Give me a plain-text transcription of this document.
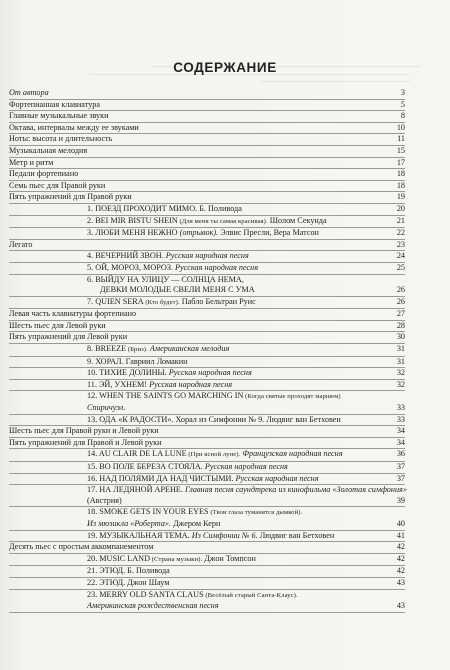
СОДЕРЖАНИЕ
От автора	3
Фортепианная клавиатура	5
Главные музыкальные звуки	8
Октава, интервалы между ее звуками	10
Ноты: высота и длительность	11
Музыкальная мелодия	15
Метр и ритм	17
Педали фортепиано	18
Семь пьес для Правой руки	18
Пять упражнений для Правой руки	19
1. ПОЕЗД ПРОХОДИТ МИМО. Б. Поливода	20
2. BEI MIR BISTU SHEIN (Для меня ты самая красивая). Шолом Секунда	21
3. ЛЮБИ МЕНЯ НЕЖНО (отрывок). Элвис Пресли, Вера Матсон	22
Легато	23
4. ВЕЧЕРНИЙ ЗВОН. Русская народная песня	24
5. ОЙ, МОРОЗ, МОРОЗ. Русская народная песня	25
6. ВЫЙДУ НА УЛИЦУ — СОЛНЦА НЕМА,
ДЕВКИ МОЛОДЫЕ СВЕЛИ МЕНЯ С УМА	26
7. QUIEN SERA (Кто будет). Пабло Бельтран Руис	26
Левая часть клавиатуры фортепиано	27
Шесть пьес для Левой руки	28
Пять упражнений для Левой руки	30
8. BREEZE (Бриз). Американская мелодия	31
9. ХОРАЛ. Гавриил Ломакин	31
10. ТИХИЕ ДОЛИНЫ. Русская народная песня	32
11. ЭЙ, УХНЕМ! Русская народная песня	32
12. WHEN THE SAINTS GO MARCHING IN (Когда святые проходят маршем)
Спиричуэл.	33
13. ОДА «К РАДОСТИ». Хорал из Симфонии № 9. Людвиг ван Бетховен	33
Шесть пьес для Правой руки и Левой руки	34
Пять упражнений для Правой и Левой руки	34
14. AU CLAIR DE LA LUNE (При ясной луне). Французская народная песня	36
15. ВО ПОЛЕ БЕРЕЗА СТОЯЛА. Русская народная песня	37
16. НАД ПОЛЯМИ ДА НАД ЧИСТЫМИ. Русская народная песня	37
17. НА ЛЕДЯНОЙ АРЕНЕ. Главная песня саундтрека из кинофильма «Золотая симфония»
(Австрия)	39
18. SMOKE GETS IN YOUR EYES (Твои глаза туманятся дымкой).
Из мюзикла «Роберта». Джером Керн	40
19. МУЗЫКАЛЬНАЯ ТЕМА. Из Симфонии № 6. Людвиг ван Бетховен	41
Десять пьес с простым аккомпанементом	42
20. MUSIC LAND (Страна музыки). Джон Томпсон	42
21. ЭТЮД. Б. Поливода	42
22. ЭТЮД. Джон Шаум	43
23. MERRY OLD SANTA CLAUS (Весёлый старый Санта-Клаус).
Американская рождественская песня	43
